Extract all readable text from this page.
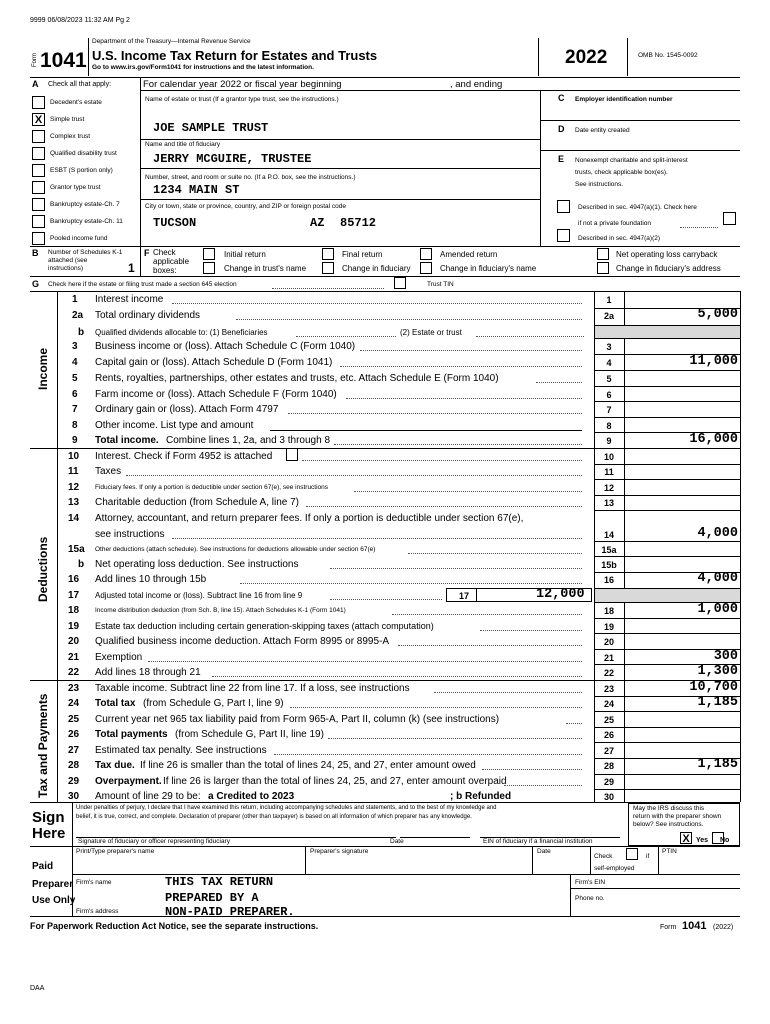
9999 06/08/2023 11:32 AM Pg 2
Form 1041
Department of the Treasury—Internal Revenue Service
U.S. Income Tax Return for Estates and Trusts
Go to www.irs.gov/Form1041 for instructions and the latest information.	2022	OMB No. 1545-0092
A Check all that apply:	For calendar year 2022 or fiscal year beginning	, and ending
Decedent's estate
X	Simple trust
Complex trust
Qualified disability trust
ESBT (S portion only)
Grantor type trust
Bankruptcy estate-Ch. 7
Bankruptcy estate-Ch. 11
Pooled income fund
Name of estate or trust (If a grantor type trust, see the instructions.)
JOE SAMPLE TRUST
Name and title of fiduciary
JERRY MCGUIRE, TRUSTEE
Number, street, and room or suite no. (If a P.O. box, see the instructions.)
1234 MAIN ST
City or town, state or province, country, and ZIP or foreign postal code
TUCSON	AZ 85712
C Employer identification number
D Date entity created
E Nonexempt charitable and split-interest
trusts, check applicable box(es).
See instructions.
Described in sec. 4947(a)(1). Check here
if not a private foundation
Described in sec. 4947(a)(2)
B Number of Schedules K-1
attached (see
instructions)	1
F Check
applicable
boxes:
Initial return
Change in trust's name
Final return
Change in fiduciary
Amended return
Change in fiduciary's name
Net operating loss carryback
Change in fiduciary's address
G Check here if the estate or filing trust made a section 645 election	Trust TIN
Income
Deductions
Tax and Payments
1 Interest income	1
2a Total ordinary dividends	2a	5,000
b Qualified dividends allocable to: (1) Beneficiaries	(2) Estate or trust
3 Business income or (loss). Attach Schedule C (Form 1040)	3
4 Capital gain or (loss). Attach Schedule D (Form 1041)	4	11,000
5 Rents, royalties, partnerships, other estates and trusts, etc. Attach Schedule E (Form 1040)	5
6 Farm income or (loss). Attach Schedule F (Form 1040)	6
7 Ordinary gain or (loss). Attach Form 4797	7
8 Other income. List type and amount	8
9 Total income. Combine lines 1, 2a, and 3 through 8	9	16,000
10 Interest. Check if Form 4952 is attached	10
11 Taxes	11
12 Fiduciary fees. If only a portion is deductible under section 67(e), see instructions	12
13 Charitable deduction (from Schedule A, line 7)	13
14 Attorney, accountant, and return preparer fees. If only a portion is deductible under section 67(e),
see instructions	14	4,000
15a Other deductions (attach schedule). See instructions for deductions allowable under section 67(e)	15a
b Net operating loss deduction. See instructions	15b
16 Add lines 10 through 15b	16	4,000
17 Adjusted total income or (loss). Subtract line 16 from line 9	17	12,000
18 Income distribution deduction (from Sch. B, line 15). Attach Schedules K-1 (Form 1041)	18	1,000
19 Estate tax deduction including certain generation-skipping taxes (attach computation)	19
20 Qualified business income deduction. Attach Form 8995 or 8995-A	20
21 Exemption	21	300
22 Add lines 18 through 21	22	1,300
23 Taxable income. Subtract line 22 from line 17. If a loss, see instructions	23	10,700
24 Total tax (from Schedule G, Part I, line 9)	24	1,185
25 Current year net 965 tax liability paid from Form 965-A, Part II, column (k) (see instructions)	25
26 Total payments (from Schedule G, Part II, line 19)	26
27 Estimated tax penalty. See instructions	27
28 Tax due. If line 26 is smaller than the total of lines 24, 25, and 27, enter amount owed	28	1,185
29 Overpayment. If line 26 is larger than the total of lines 24, 25, and 27, enter amount overpaid	29
30 Amount of line 29 to be: a Credited to 2023	; b Refunded	30
Sign
Here
Under penalties of perjury, I declare that I have examined this return, including accompanying schedules and statements, and to the best of my knowledge and
belief, it is true, correct, and complete. Declaration of preparer (other than taxpayer) is based on all information of which preparer has any knowledge.
Signature of fiduciary or officer representing fiduciary	Date	EIN of fiduciary if a financial institution
May the IRS discuss this
return with the preparer shown
below? See instructions.
X Yes No
Paid
Preparer
Use Only
Print/Type preparer's name	Preparer's signature	Date
Check	if
self-employed
PTIN
Firm's name	THIS TAX RETURN	Firm's EIN
PREPARED BY A	Phone no.
Firm's address	NON-PAID PREPARER.
For Paperwork Reduction Act Notice, see the separate instructions.	Form 1041 (2022)
DAA
